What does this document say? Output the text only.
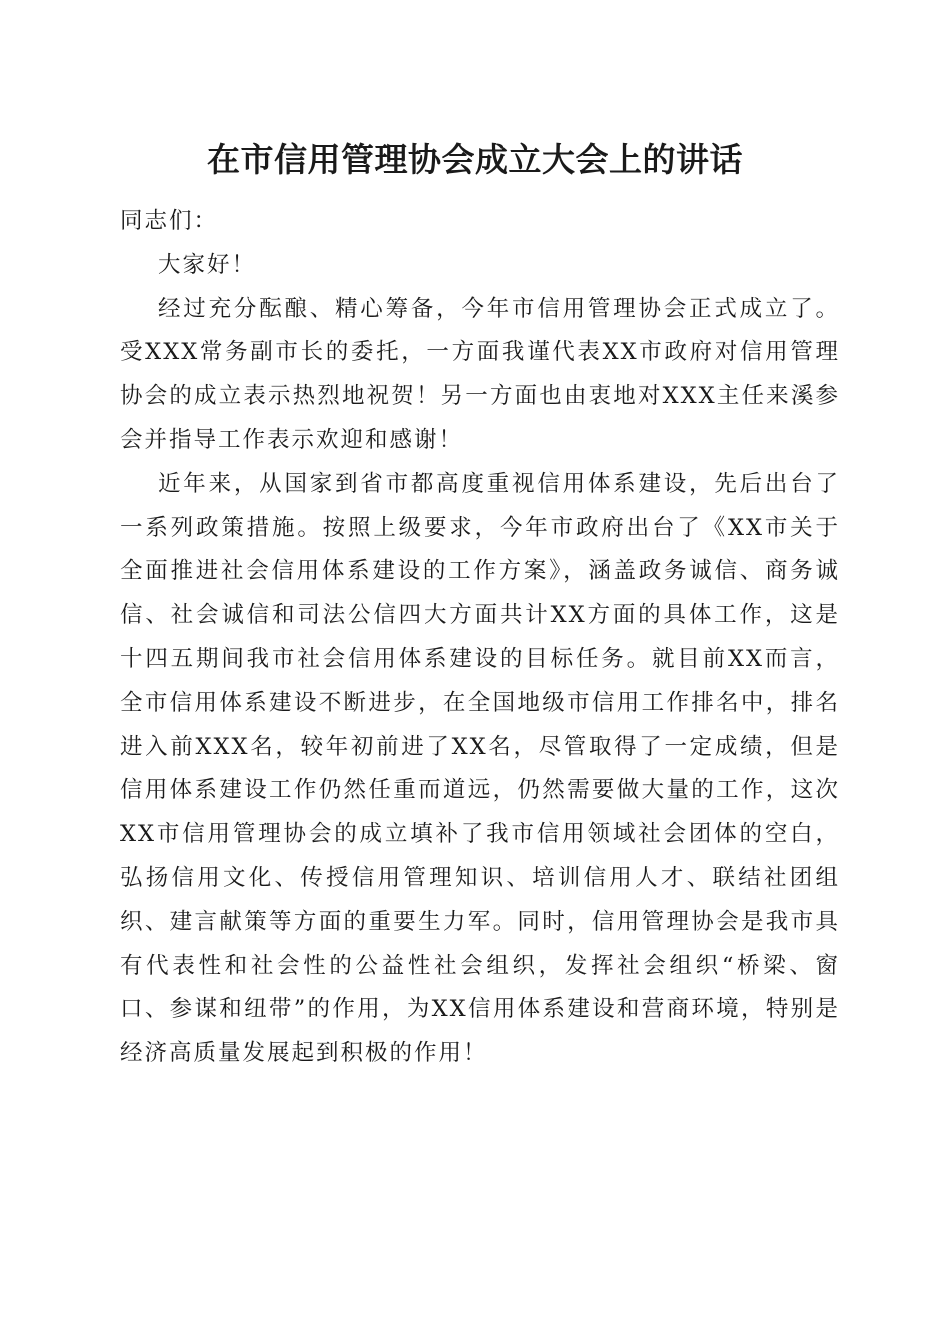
在市信用管理协会成立大会上的讲话

同志们：

大家好！

经过充分酝酿、精心筹备，今年市信用管理协会正式成立了。受XXX常务副市长的委托，一方面我谨代表XX市政府对信用管理协会的成立表示热烈地祝贺！另一方面也由衷地对XXX主任来溪参会并指导工作表示欢迎和感谢！

近年来，从国家到省市都高度重视信用体系建设，先后出台了一系列政策措施。按照上级要求，今年市政府出台了《XX市关于全面推进社会信用体系建设的工作方案》，涵盖政务诚信、商务诚信、社会诚信和司法公信四大方面共计XX方面的具体工作，这是十四五期间我市社会信用体系建设的目标任务。就目前XX而言，全市信用体系建设不断进步，在全国地级市信用工作排名中，排名进入前XXX名，较年初前进了XX名，尽管取得了一定成绩，但是信用体系建设工作仍然任重而道远，仍然需要做大量的工作，这次XX市信用管理协会的成立填补了我市信用领域社会团体的空白，弘扬信用文化、传授信用管理知识、培训信用人才、联结社团组织、建言献策等方面的重要生力军。同时，信用管理协会是我市具有代表性和社会性的公益性社会组织，发挥社会组织“桥梁、窗口、参谋和纽带”的作用，为XX信用体系建设和营商环境，特别是经济高质量发展起到积极的作用！
